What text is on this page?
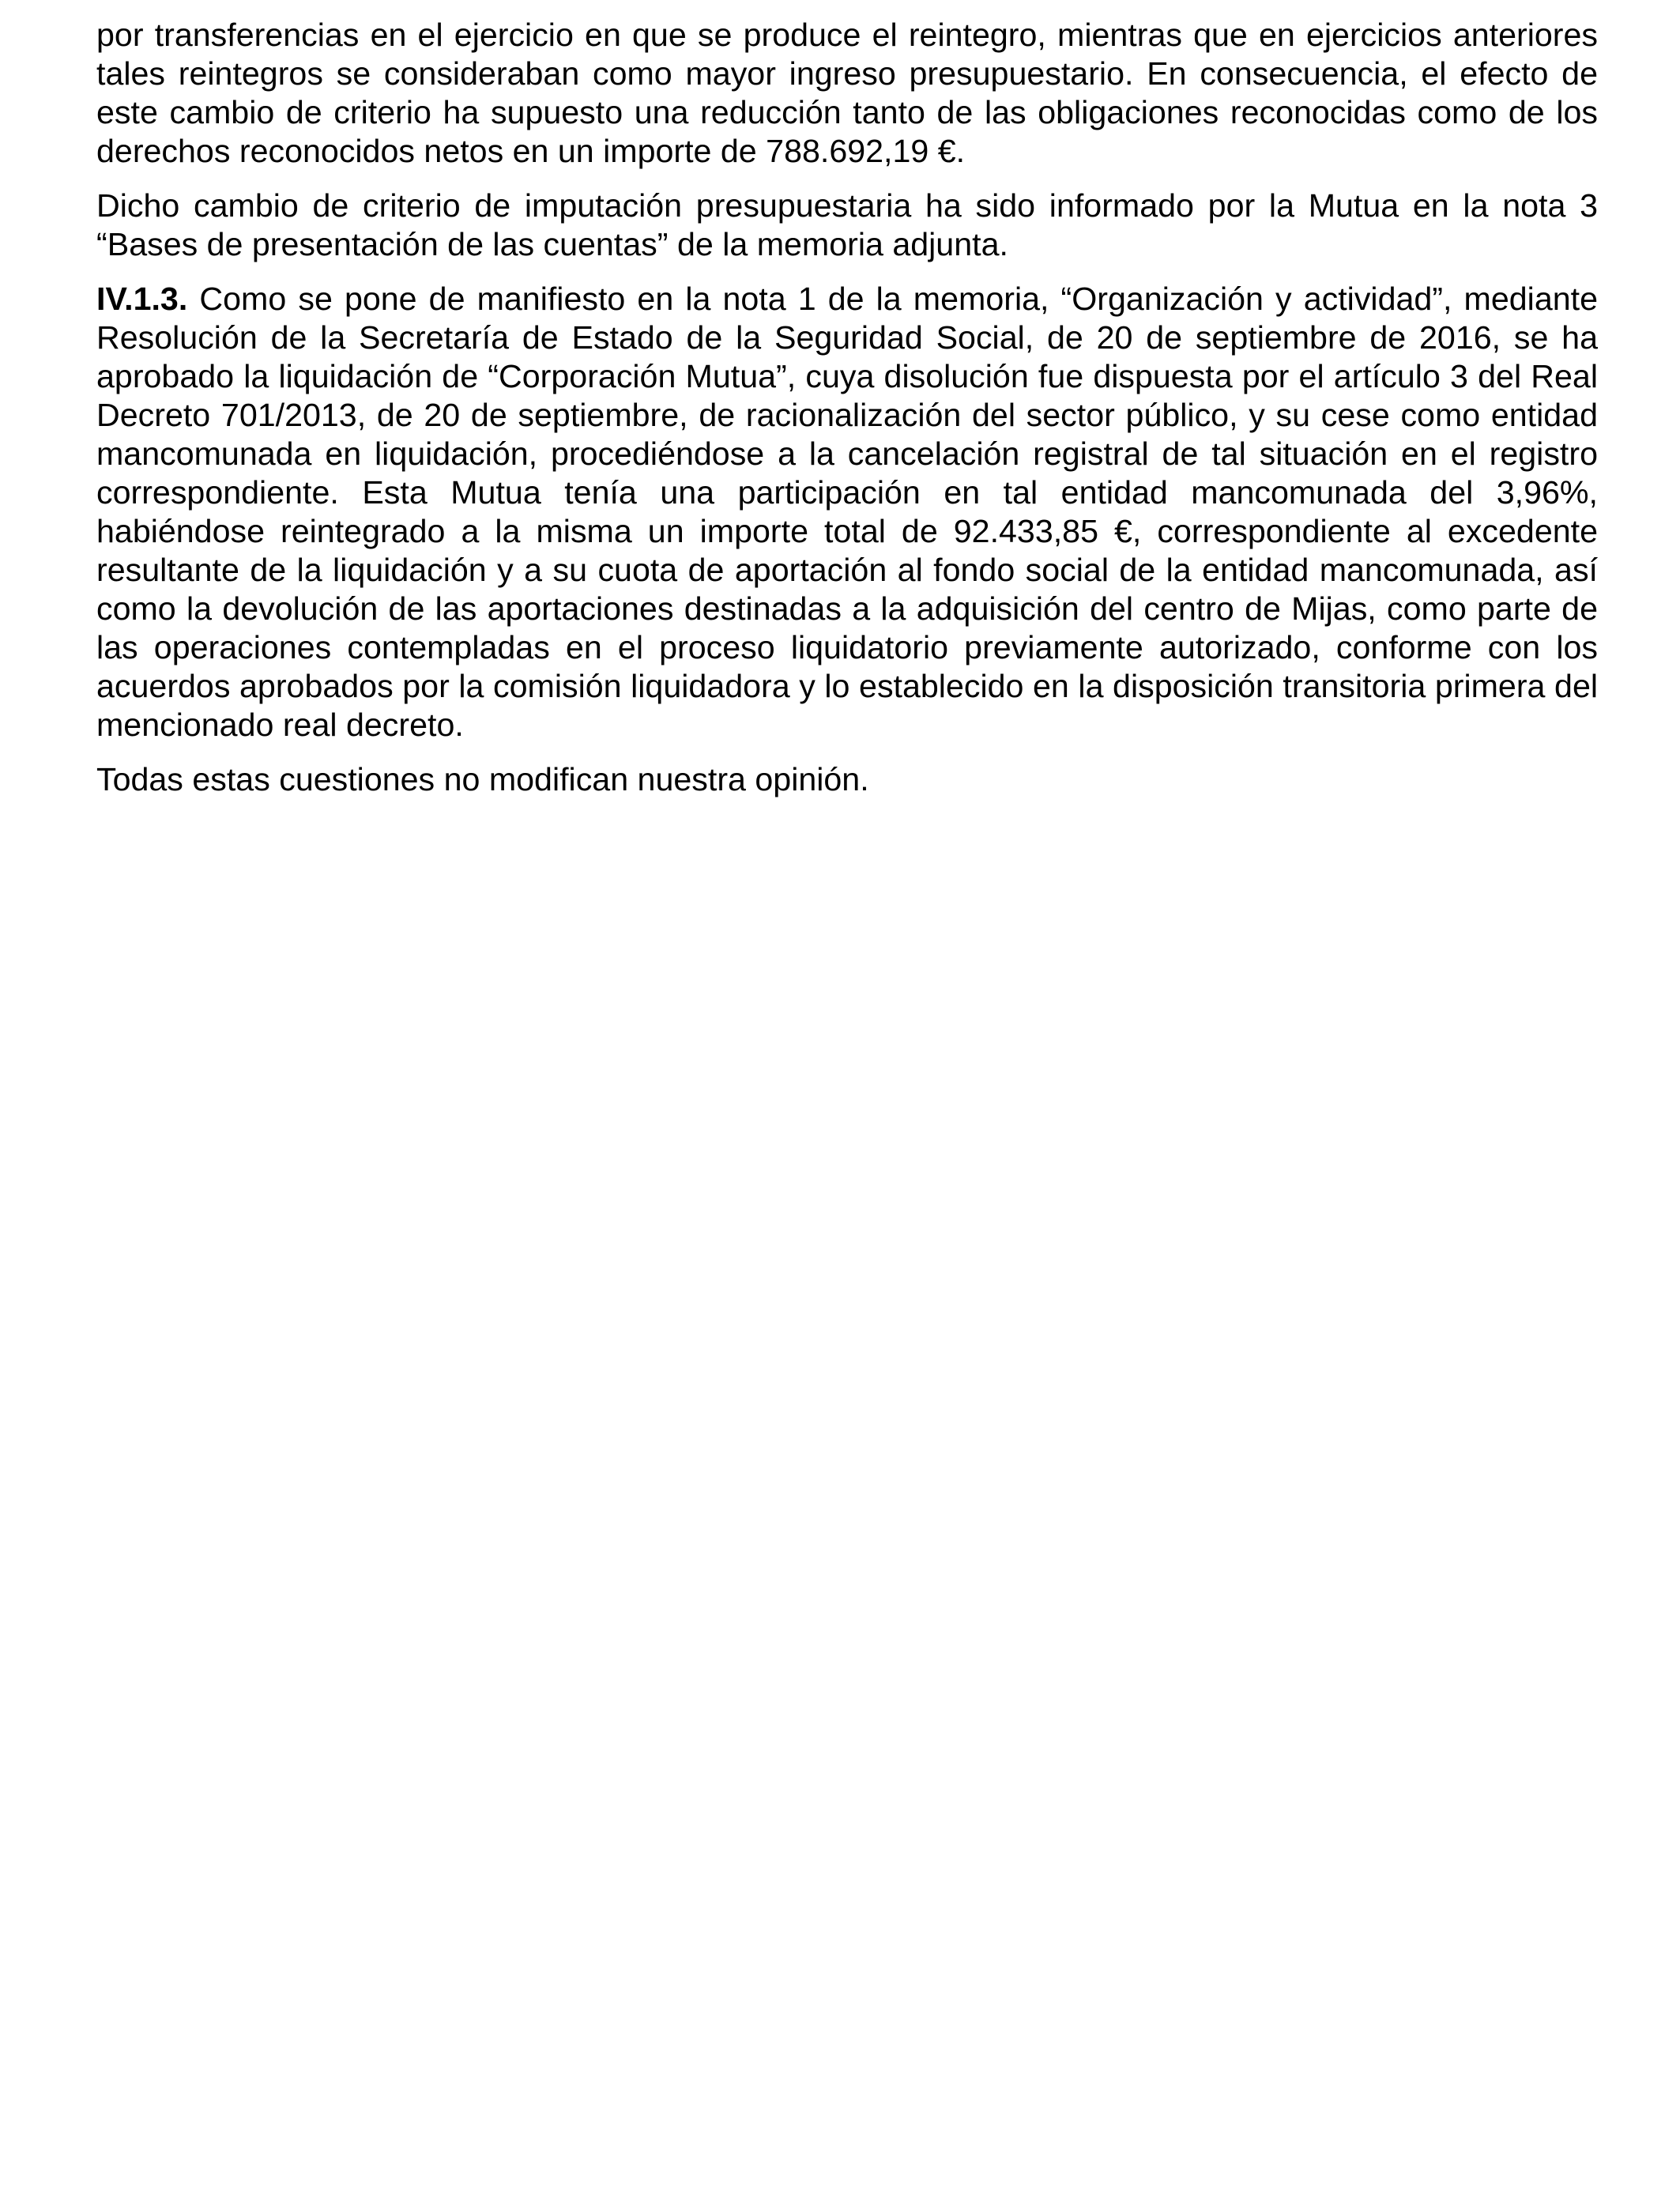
por transferencias en el ejercicio en que se produce el reintegro, mientras que en ejercicios anteriores tales reintegros se consideraban como mayor ingreso presupuestario. En consecuencia, el efecto de este cambio de criterio ha supuesto una reducción tanto de las obligaciones reconocidas como de los derechos reconocidos netos en un importe de 788.692,19 €.

Dicho cambio de criterio de imputación presupuestaria ha sido informado por la Mutua en la nota 3 “Bases de presentación de las cuentas” de la memoria adjunta.

IV.1.3. Como se pone de manifiesto en la nota 1 de la memoria, “Organización y actividad”, mediante Resolución de la Secretaría de Estado de la Seguridad Social, de 20 de septiembre de 2016, se ha aprobado la liquidación de “Corporación Mutua”, cuya disolución fue dispuesta por el artículo 3 del Real Decreto 701/2013, de 20 de septiembre, de racionalización del sector público, y su cese como entidad mancomunada en liquidación, procediéndose a la cancelación registral de tal situación en el registro correspondiente. Esta Mutua tenía una participación en tal entidad mancomunada del 3,96%, habiéndose reintegrado a la misma un importe total de 92.433,85 €, correspondiente al excedente resultante de la liquidación y a su cuota de aportación al fondo social de la entidad mancomunada, así como la devolución de las aportaciones destinadas a la adquisición del centro de Mijas, como parte de las operaciones contempladas en el proceso liquidatorio previamente autorizado, conforme con los acuerdos aprobados por la comisión liquidadora y lo establecido en la disposición transitoria primera del mencionado real decreto.

Todas estas cuestiones no modifican nuestra opinión.
